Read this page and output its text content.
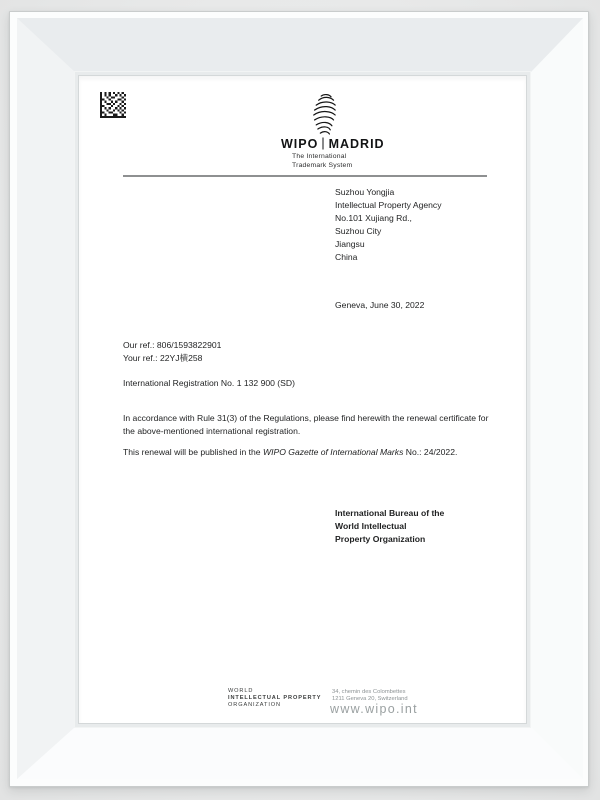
WIPO | MADRID
The International
Trademark System
Suzhou Yongjia
Intellectual Property Agency
No.101 Xujiang Rd.,
Suzhou City
Jiangsu
China
Geneva, June 30, 2022
Our ref.: 806/1593822901
Your ref.: 22YJ横258
International Registration No. 1 132 900 (SD)
In accordance with Rule 31(3) of the Regulations, please find herewith the renewal certificate for
the above-mentioned international registration.
This renewal will be published in the WIPO Gazette of International Marks No.: 24/2022.
International Bureau of the
World Intellectual
Property Organization
WORLD
INTELLECTUAL PROPERTY
ORGANIZATION
34, chemin des Colombettes
1211 Geneva 20, Switzerland
www.wipo.int
